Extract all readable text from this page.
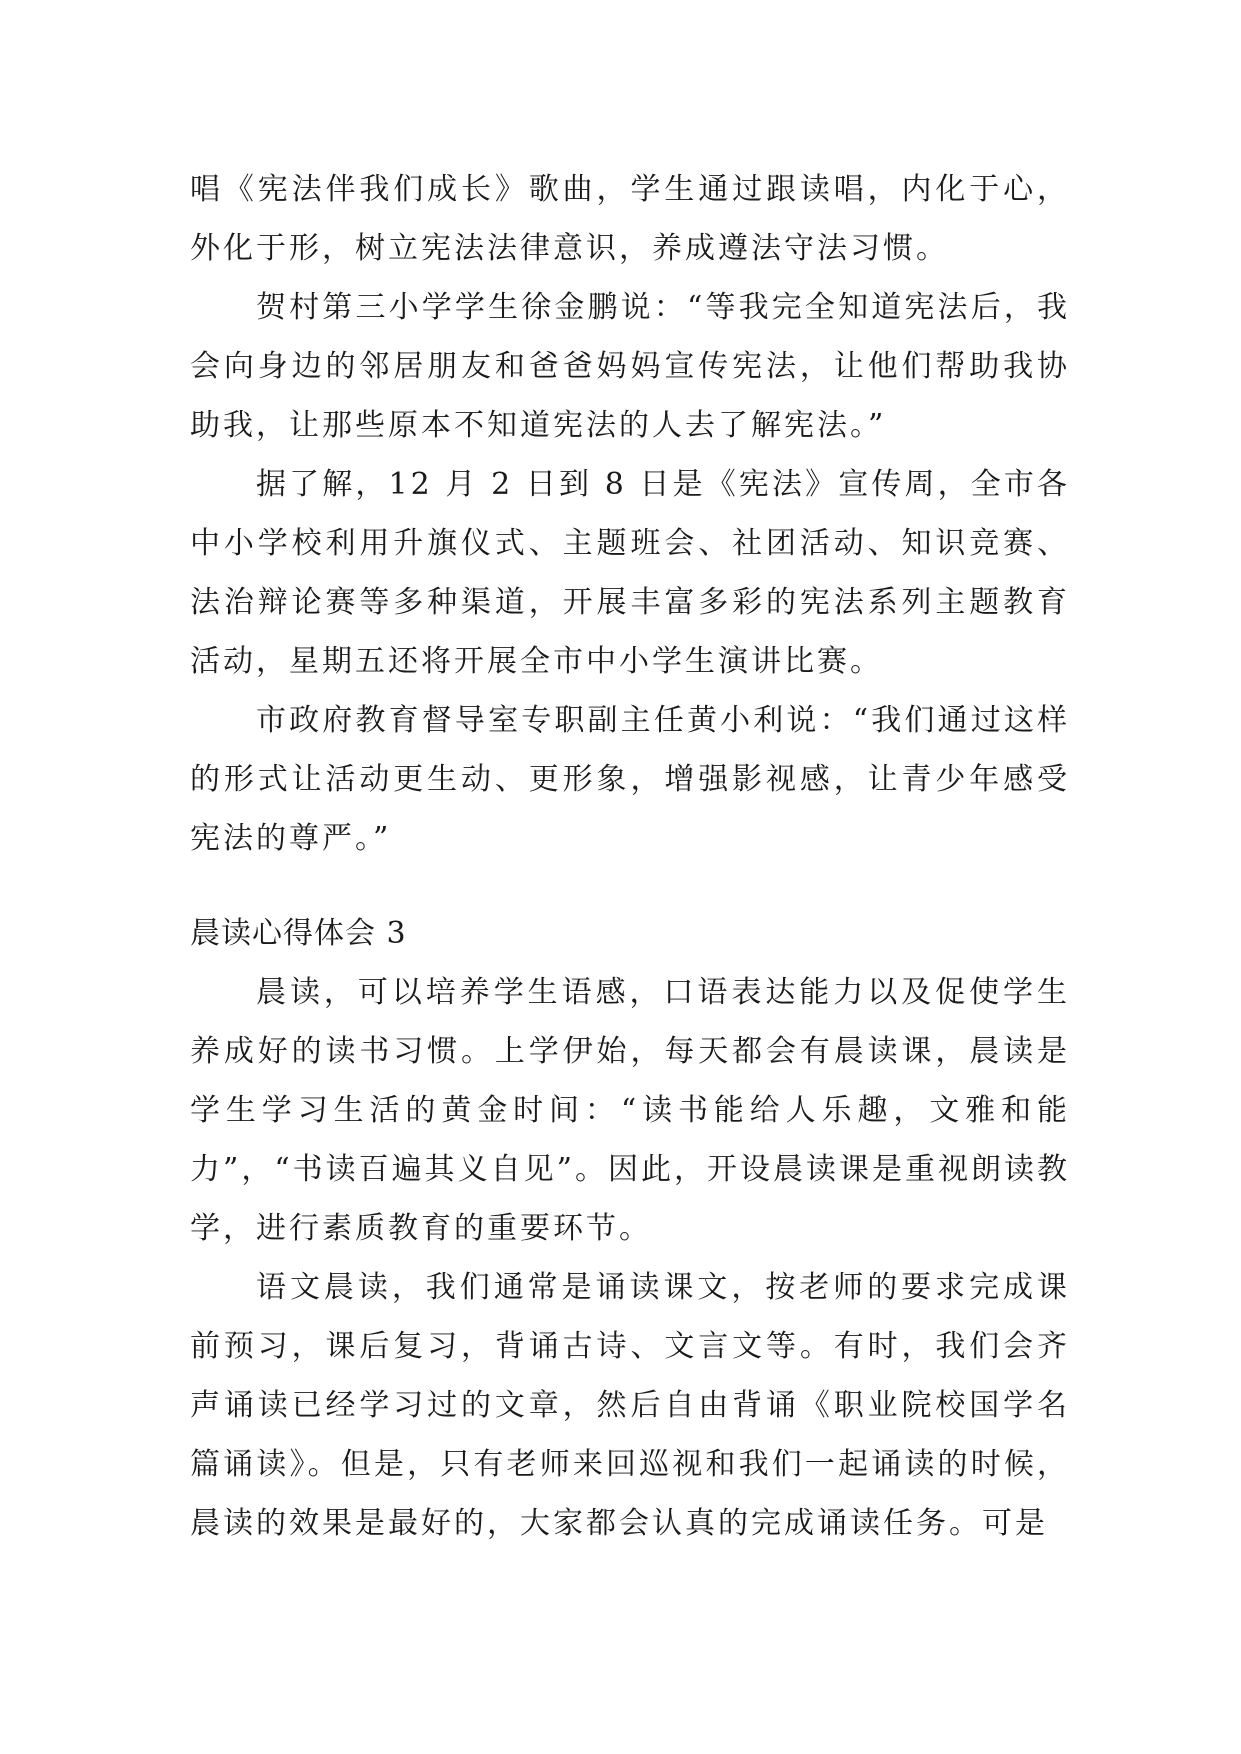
唱《宪法伴我们成长》歌曲，学生通过跟读唱，内化于心，外化于形，树立宪法法律意识，养成遵法守法习惯。

贺村第三小学学生徐金鹏说：“等我完全知道宪法后，我会向身边的邻居朋友和爸爸妈妈宣传宪法，让他们帮助我协助我，让那些原本不知道宪法的人去了解宪法。”

据了解，12 月 2 日到 8 日是《宪法》宣传周，全市各中小学校利用升旗仪式、主题班会、社团活动、知识竞赛、法治辩论赛等多种渠道，开展丰富多彩的宪法系列主题教育活动，星期五还将开展全市中小学生演讲比赛。

市政府教育督导室专职副主任黄小利说：“我们通过这样的形式让活动更生动、更形象，增强影视感，让青少年感受宪法的尊严。”

晨读心得体会 3

晨读，可以培养学生语感，口语表达能力以及促使学生养成好的读书习惯。上学伊始，每天都会有晨读课，晨读是学生学习生活的黄金时间：“读书能给人乐趣，文雅和能力”，“书读百遍其义自见”。因此，开设晨读课是重视朗读教学，进行素质教育的重要环节。

语文晨读，我们通常是诵读课文，按老师的要求完成课前预习，课后复习，背诵古诗、文言文等。有时，我们会齐声诵读已经学习过的文章，然后自由背诵《职业院校国学名篇诵读》。但是，只有老师来回巡视和我们一起诵读的时候，晨读的效果是最好的，大家都会认真的完成诵读任务。可是
